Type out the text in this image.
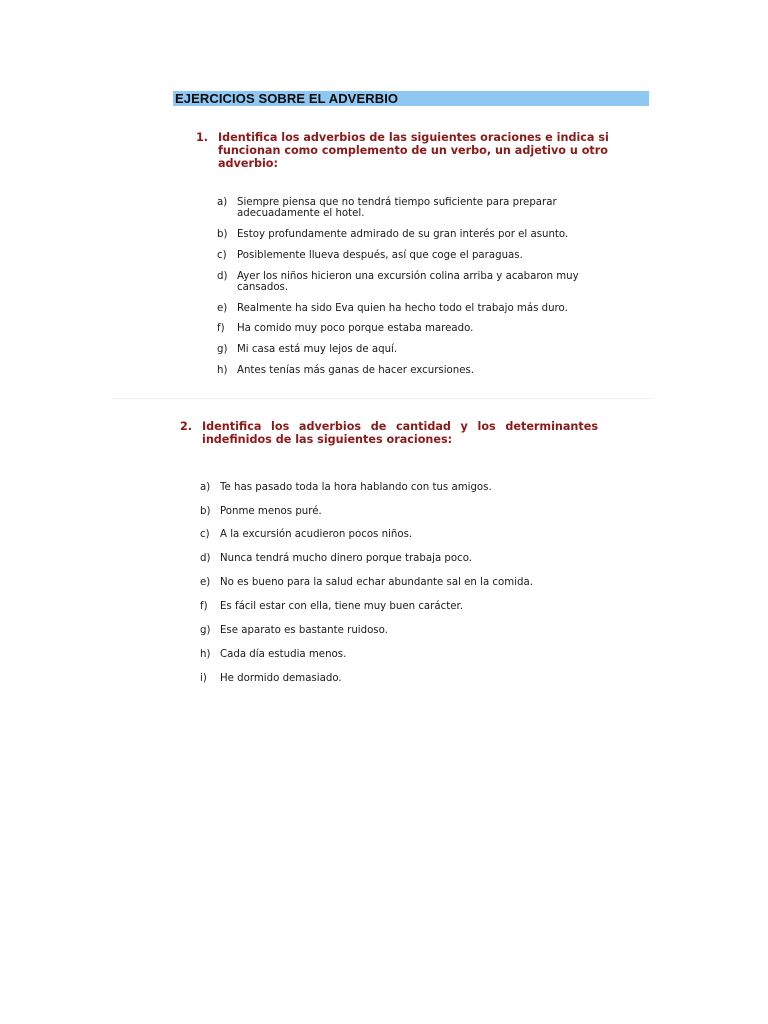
EJERCICIOS SOBRE EL ADVERBIO
1. Identifica los adverbios de las siguientes oraciones e indica si funcionan como complemento de un verbo, un adjetivo u otro adverbio:
a) Siempre piensa que no tendrá tiempo suficiente para preparar adecuadamente el hotel.
b) Estoy profundamente admirado de su gran interés por el asunto.
c) Posiblemente llueva después, así que coge el paraguas.
d) Ayer los niños hicieron una excursión colina arriba y acabaron muy cansados.
e) Realmente ha sido Eva quien ha hecho todo el trabajo más duro.
f) Ha comido muy poco porque estaba mareado.
g) Mi casa está muy lejos de aquí.
h) Antes tenías más ganas de hacer excursiones.
2. Identifica los adverbios de cantidad y los determinantes indefinidos de las siguientes oraciones:
a) Te has pasado toda la hora hablando con tus amigos.
b) Ponme menos puré.
c) A la excursión acudieron pocos niños.
d) Nunca tendrá mucho dinero porque trabaja poco.
e) No es bueno para la salud echar abundante sal en la comida.
f) Es fácil estar con ella, tiene muy buen carácter.
g) Ese aparato es bastante ruidoso.
h) Cada día estudia menos.
i) He dormido demasiado.
